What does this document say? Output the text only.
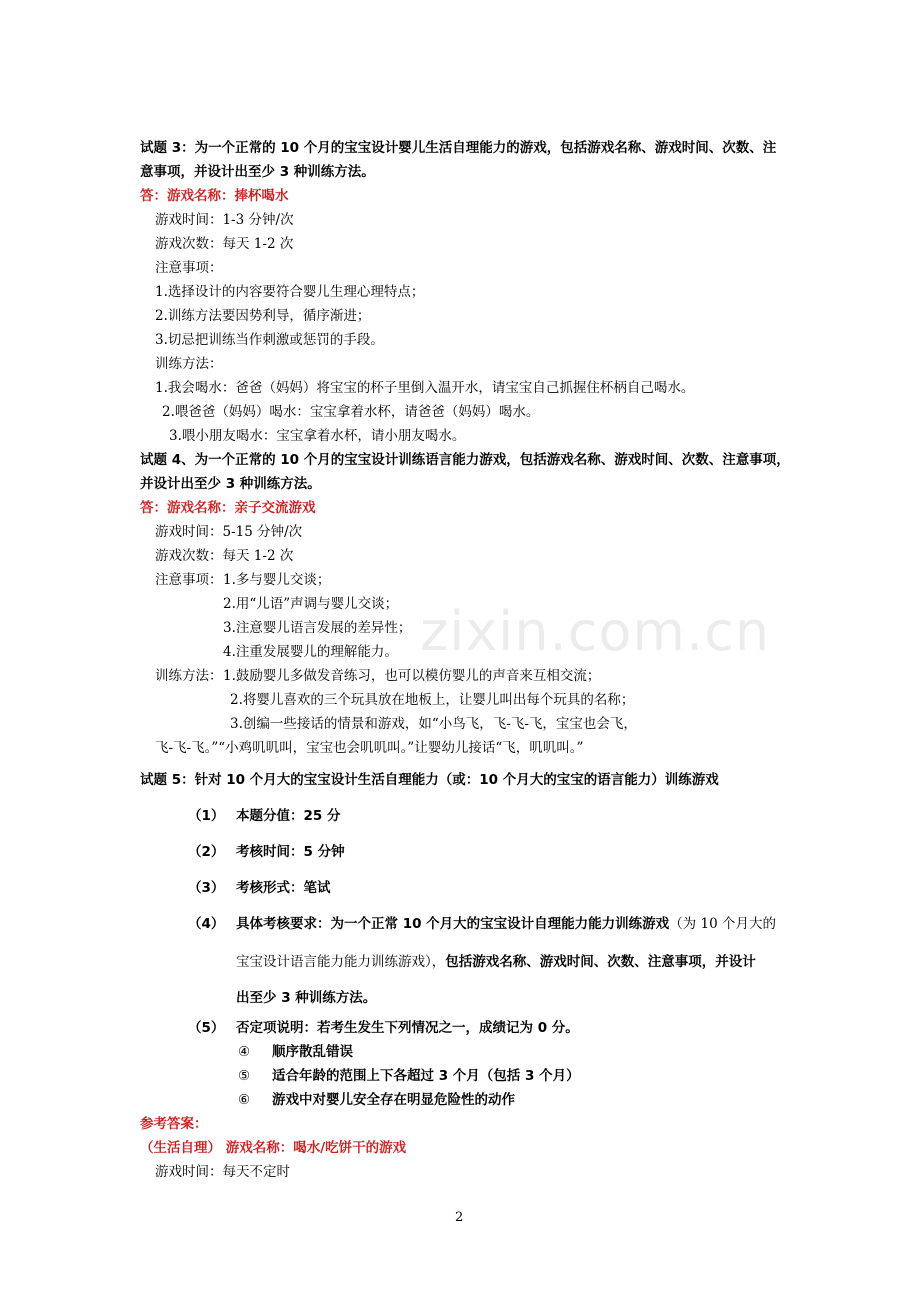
试题 3：为一个正常的 10 个月的宝宝设计婴儿生活自理能力的游戏，包括游戏名称、游戏时间、次数、注
意事项，并设计出至少 3 种训练方法。
答：游戏名称：捧杯喝水
游戏时间：1-3 分钟/次
游戏次数：每天 1-2 次
注意事项：
1.选择设计的内容要符合婴儿生理心理特点；
2.训练方法要因势利导，循序渐进；
3.切忌把训练当作刺激或惩罚的手段。
训练方法：
1.我会喝水：爸爸（妈妈）将宝宝的杯子里倒入温开水，请宝宝自己抓握住杯柄自己喝水。
2.喂爸爸（妈妈）喝水：宝宝拿着水杯，请爸爸（妈妈）喝水。
3.喂小朋友喝水：宝宝拿着水杯，请小朋友喝水。
试题 4、为一个正常的 10 个月的宝宝设计训练语言能力游戏，包括游戏名称、游戏时间、次数、注意事项，
并设计出至少 3 种训练方法。
答：游戏名称：亲子交流游戏
游戏时间：5-15 分钟/次
游戏次数：每天 1-2 次
注意事项： 1.多与婴儿交谈；
2.用“儿语”声调与婴儿交谈；
3.注意婴儿语言发展的差异性；
4.注重发展婴儿的理解能力。
训练方法： 1.鼓励婴儿多做发音练习，也可以模仿婴儿的声音来互相交流；
2.将婴儿喜欢的三个玩具放在地板上，让婴儿叫出每个玩具的名称；
3.创编一些接话的情景和游戏，如“小鸟飞，飞-飞-飞，宝宝也会飞，
飞-飞-飞。”“小鸡叽叽叫，宝宝也会叽叽叫。”让婴幼儿接话“飞，叽叽叫。”
试题 5：针对 10 个月大的宝宝设计生活自理能力（或：10 个月大的宝宝的语言能力）训练游戏
（1） 本题分值：25 分
（2） 考核时间：5 分钟
（3） 考核形式：笔试
（4） 具体考核要求：为一个正常 10 个月大的宝宝设计自理能力能力训练游戏（为 10 个月大的
宝宝设计语言能力能力训练游戏），包括游戏名称、游戏时间、次数、注意事项，并设计
出至少 3 种训练方法。
（5） 否定项说明：若考生发生下列情况之一，成绩记为 0 分。
④ 顺序散乱错误
⑤ 适合年龄的范围上下各超过 3 个月（包括 3 个月）
⑥ 游戏中对婴儿安全存在明显危险性的动作
参考答案：
（生活自理） 游戏名称：喝水/吃饼干的游戏
游戏时间：每天不定时
zixin.com.cn
2
